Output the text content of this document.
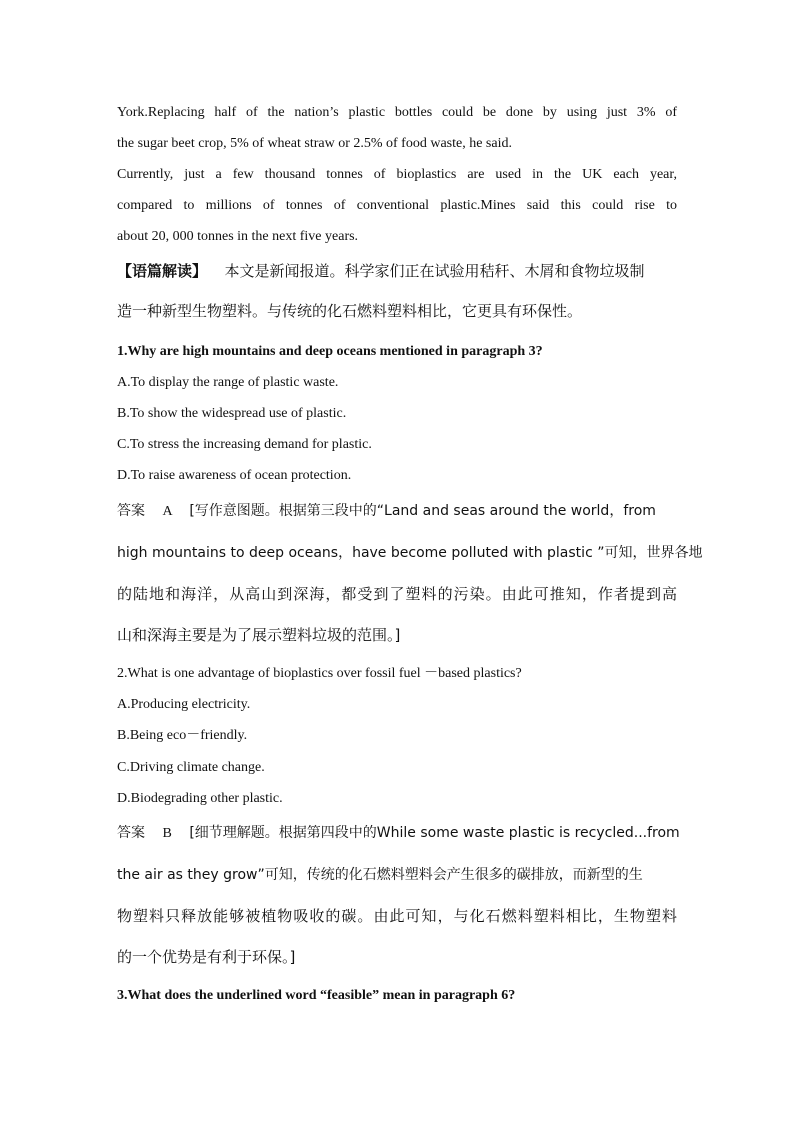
York.Replacing half of the nation’s plastic bottles could be done by using just 3% of
the sugar beet crop, 5% of wheat straw or 2.5% of food waste, he said.
Currently, just a few thousand tonnes of bioplastics are used in the UK each year,
compared to millions of tonnes of conventional plastic.Mines said this could rise to
about 20, 000 tonnes in the next five years.
【语篇解读】 本文是新闻报道。科学家们正在试验用秸秆、木屑和食物垃圾制
造一种新型生物塑料。与传统的化石燃料塑料相比，它更具有环保性。
1.Why are high mountains and deep oceans mentioned in paragraph 3?
A.To display the range of plastic waste.
B.To show the widespread use of plastic.
C.To stress the increasing demand for plastic.
D.To raise awareness of ocean protection.
答案 A [写作意图题。根据第三段中的“Land and seas around the world，from
high mountains to deep oceans，have become polluted with plastic ”可知，世界各地
的陆地和海洋，从高山到深海，都受到了塑料的污染。由此可推知，作者提到高
山和深海主要是为了展示塑料垃圾的范围。]
2.What is one advantage of bioplastics over fossil fuel －based plastics?
A.Producing electricity.
B.Being eco－friendly.
C.Driving climate change.
D.Biodegrading other plastic.
答案 B [细节理解题。根据第四段中的While some waste plastic is recycled...from
the air as they grow”可知，传统的化石燃料塑料会产生很多的碳排放，而新型的生
物塑料只释放能够被植物吸收的碳。由此可知，与化石燃料塑料相比，生物塑料
的一个优势是有利于环保。]
3.What does the underlined word “feasible” mean in paragraph 6?
